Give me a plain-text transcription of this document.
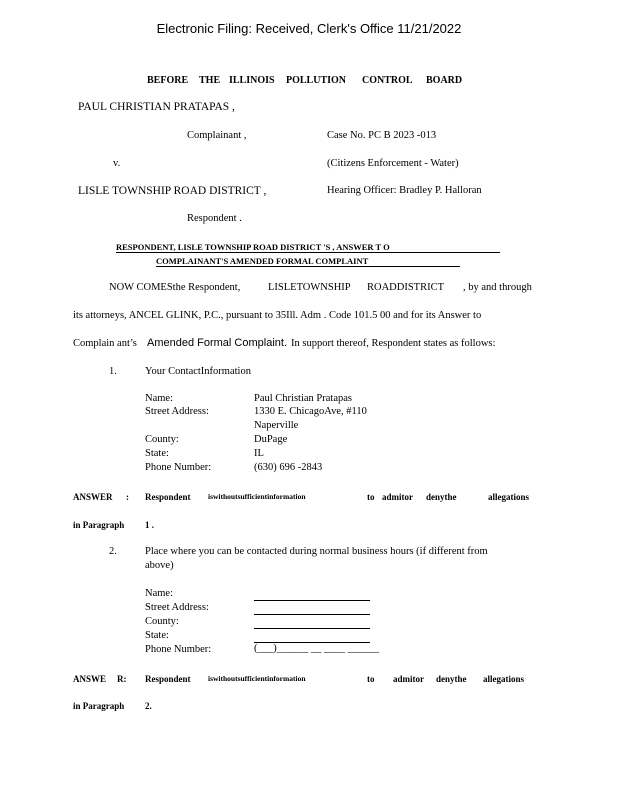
Electronic Filing: Received, Clerk's Office 11/21/2022
BEFORE THE ILLINOIS POLLUTION CONTROL BOARD
PAUL CHRISTIAN PRATAPAS ,
Complainant ,	Case No. PC B 2023 -013
v.	(Citizens Enforcement - Water)
LISLE TOWNSHIP ROAD DISTRICT ,	Hearing Officer: Bradley P. Halloran
Respondent .
RESPONDENT, LISLE TOWNSHIP ROAD DISTRICT 'S , ANSWER T O
COMPLAINANT'S AMENDED FORMAL COMPLAINT
NOW COMESthe Respondent,	LISLETOWNSHIP ROADDISTRICT , by and through
its attorneys, ANCEL GLINK, P.C., pursuant to 35Ill. Adm . Code 101.5 00 and for its Answer to
Complain ant’s Amended Formal Complaint. In support thereof, Respondent states as follows:
1.	Your ContactInformation
Name:	Paul Christian Pratapas
Street Address:	1330 E. ChicagoAve, #110
Naperville
County:	DuPage
State:	IL
Phone Number:	(630) 696 -2843
ANSWER : Respondent iswithoutsufficientinformation	to admitor denythe	allegations
in Paragraph 1 .
2.	Place where you can be contacted during normal business hours (if different from
above)
Name:
Street Address:
County:
State:
Phone Number:	(___)______ __ ____ ______
ANSWE R: Respondent iswithoutsufficientinformation	to admitor denythe allegations
in Paragraph 2.
